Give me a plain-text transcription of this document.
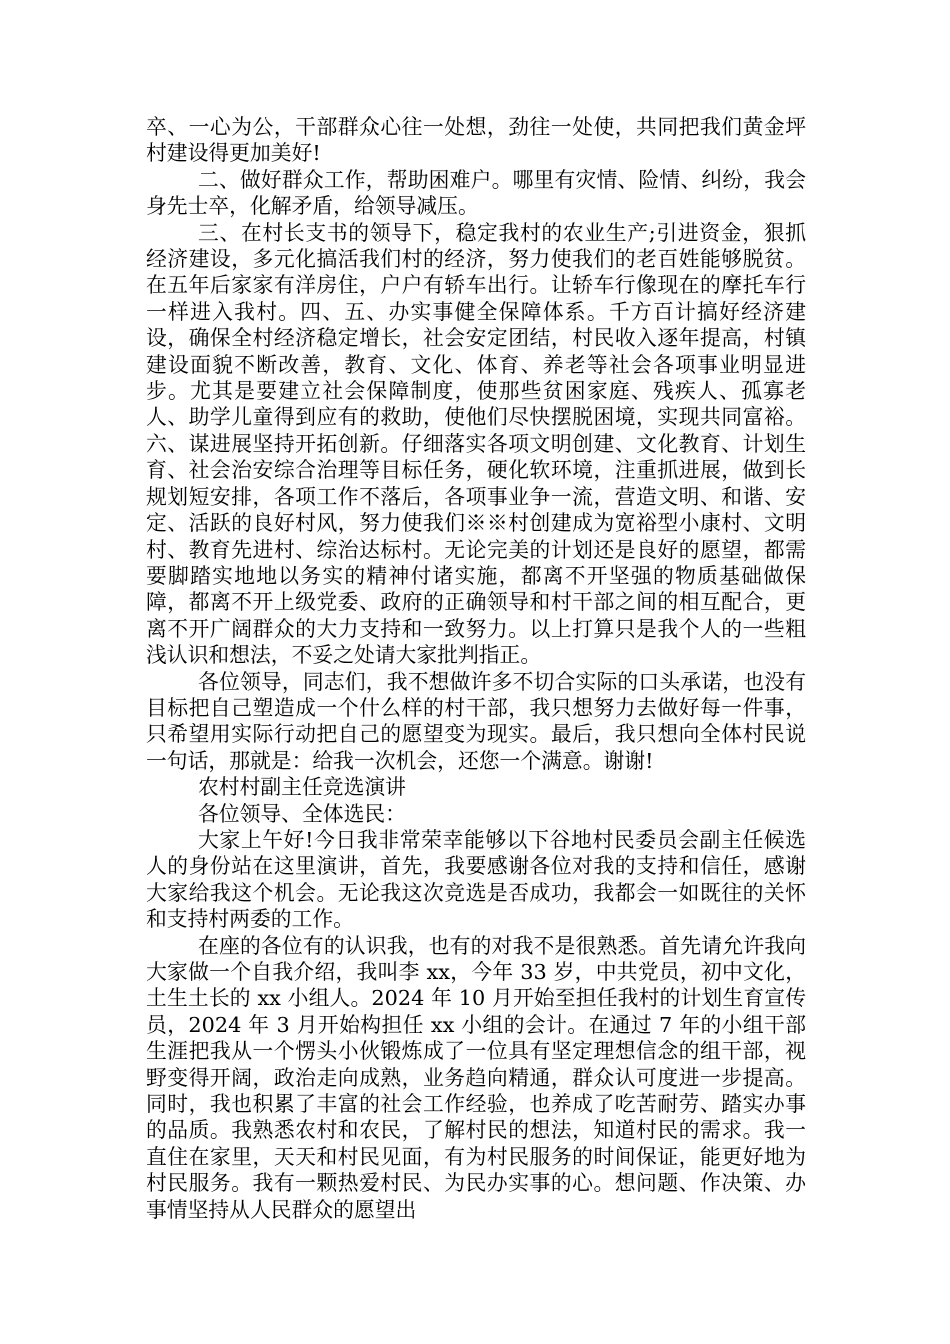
卒、一心为公，干部群众心往一处想，劲往一处使，共同把我们黄金坪村建设得更加美好!

二、做好群众工作，帮助困难户。哪里有灾情、险情、纠纷，我会身先士卒，化解矛盾，给领导减压。

三、在村长支书的领导下，稳定我村的农业生产;引进资金，狠抓经济建设，多元化搞活我们村的经济，努力使我们的老百姓能够脱贫。在五年后家家有洋房住，户户有轿车出行。让轿车行像现在的摩托车行一样进入我村。四、五、办实事健全保障体系。千方百计搞好经济建设，确保全村经济稳定增长，社会安定团结，村民收入逐年提高，村镇建设面貌不断改善，教育、文化、体育、养老等社会各项事业明显进步。尤其是要建立社会保障制度，使那些贫困家庭、残疾人、孤寡老人、助学儿童得到应有的救助，使他们尽快摆脱困境，实现共同富裕。六、谋进展坚持开拓创新。仔细落实各项文明创建、文化教育、计划生育、社会治安综合治理等目标任务，硬化软环境，注重抓进展，做到长规划短安排，各项工作不落后，各项事业争一流，营造文明、和谐、安定、活跃的良好村风，努力使我们※※村创建成为宽裕型小康村、文明村、教育先进村、综治达标村。无论完美的计划还是良好的愿望，都需要脚踏实地地以务实的精神付诸实施，都离不开坚强的物质基础做保障，都离不开上级党委、政府的正确领导和村干部之间的相互配合，更离不开广阔群众的大力支持和一致努力。以上打算只是我个人的一些粗浅认识和想法，不妥之处请大家批判指正。

各位领导，同志们，我不想做许多不切合实际的口头承诺，也没有目标把自己塑造成一个什么样的村干部，我只想努力去做好每一件事，只希望用实际行动把自己的愿望变为现实。最后，我只想向全体村民说一句话，那就是：给我一次机会，还您一个满意。谢谢!

农村村副主任竞选演讲

各位领导、全体选民：

大家上午好!今日我非常荣幸能够以下谷地村民委员会副主任候选人的身份站在这里演讲，首先，我要感谢各位对我的支持和信任，感谢大家给我这个机会。无论我这次竞选是否成功，我都会一如既往的关怀和支持村两委的工作。

在座的各位有的认识我，也有的对我不是很熟悉。首先请允许我向大家做一个自我介绍，我叫李 xx，今年 33 岁，中共党员，初中文化，土生土长的 xx 小组人。2024 年 10 月开始至担任我村的计划生育宣传员，2024 年 3 月开始构担任 xx 小组的会计。在通过 7 年的小组干部生涯把我从一个愣头小伙锻炼成了一位具有坚定理想信念的组干部，视野变得开阔，政治走向成熟，业务趋向精通，群众认可度进一步提高。同时，我也积累了丰富的社会工作经验，也养成了吃苦耐劳、踏实办事的品质。我熟悉农村和农民，了解村民的想法，知道村民的需求。我一直住在家里，天天和村民见面，有为村民服务的时间保证，能更好地为村民服务。我有一颗热爱村民、为民办实事的心。想问题、作决策、办事情坚持从人民群众的愿望出
